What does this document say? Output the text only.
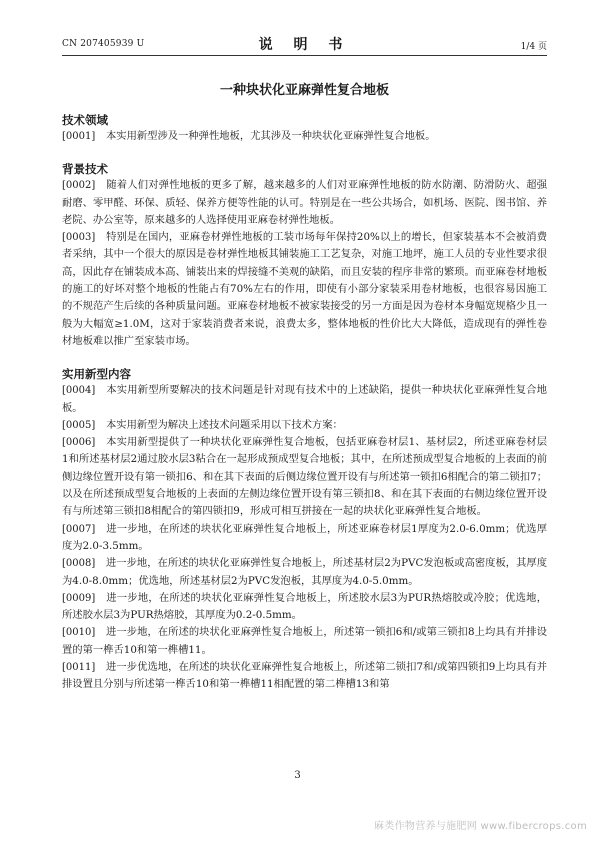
CN 207405939 U	说 明 书	1/4 页
一种块状化亚麻弹性复合地板
技术领域

[0001] 本实用新型涉及一种弹性地板，尤其涉及一种块状化亚麻弹性复合地板。

背景技术

[0002] 随着人们对弹性地板的更多了解，越来越多的人们对亚麻弹性地板的防水防潮、防滑防火、超强耐磨、零甲醛、环保、质轻、保养方便等性能的认可。特别是在一些公共场合，如机场、医院、图书馆、养老院、办公室等，原来越多的人选择使用亚麻卷材弹性地板。

[0003] 特别是在国内，亚麻卷材弹性地板的工装市场每年保持20%以上的增长，但家装基本不会被消费者采纳，其中一个很大的原因是卷材弹性地板其铺装施工工艺复杂，对施工地坪，施工人员的专业性要求很高，因此存在铺装成本高、铺装出来的焊接缝不美观的缺陷，而且安装的程序非常的繁琐。而亚麻卷材地板的施工的好坏对整个地板的性能占有70%左右的作用，即使有小部分家装采用卷材地板，也很容易因施工的不规范产生后续的各种质量问题。亚麻卷材地板不被家装接受的另一方面是因为卷材本身幅宽规格少且一般为大幅宽≥1.0M，这对于家装消费者来说，浪费太多，整体地板的性价比大大降低，造成现有的弹性卷材地板难以推广至家装市场。

实用新型内容

[0004] 本实用新型所要解决的技术问题是针对现有技术中的上述缺陷，提供一种块状化亚麻弹性复合地板。

[0005] 本实用新型为解决上述技术问题采用以下技术方案：

[0006] 本实用新型提供了一种块状化亚麻弹性复合地板，包括亚麻卷材层1、基材层2，所述亚麻卷材层1和所述基材层2通过胶水层3粘合在一起形成预成型复合地板；其中，在所述预成型复合地板的上表面的前侧边缘位置开设有第一锁扣6、和在其下表面的后侧边缘位置开设有与所述第一锁扣6相配合的第二锁扣7；以及在所述预成型复合地板的上表面的左侧边缘位置开设有第三锁扣8、和在其下表面的右侧边缘位置开设有与所述第三锁扣8相配合的第四锁扣9，形成可相互拼接在一起的块状化亚麻弹性复合地板。

[0007] 进一步地，在所述的块状化亚麻弹性复合地板上，所述亚麻卷材层1厚度为2.0-6.0mm；优选厚度为2.0-3.5mm。

[0008] 进一步地，在所述的块状化亚麻弹性复合地板上，所述基材层2为PVC发泡板或高密度板，其厚度为4.0-8.0mm；优选地，所述基材层2为PVC发泡板，其厚度为4.0-5.0mm。

[0009] 进一步地，在所述的块状化亚麻弹性复合地板上，所述胶水层3为PUR热熔胶或冷胶；优选地，所述胶水层3为PUR热熔胶，其厚度为0.2-0.5mm。

[0010] 进一步地，在所述的块状化亚麻弹性复合地板上，所述第一锁扣6和/或第三锁扣8上均具有并排设置的第一榫舌10和第一榫槽11。

[0011] 进一步优选地，在所述的块状化亚麻弹性复合地板上，所述第二锁扣7和/或第四锁扣9上均具有并排设置且分别与所述第一榫舌10和第一榫槽11相配置的第二榫槽13和第

3
麻类作物营养与施肥网 www.fibercrops.com
